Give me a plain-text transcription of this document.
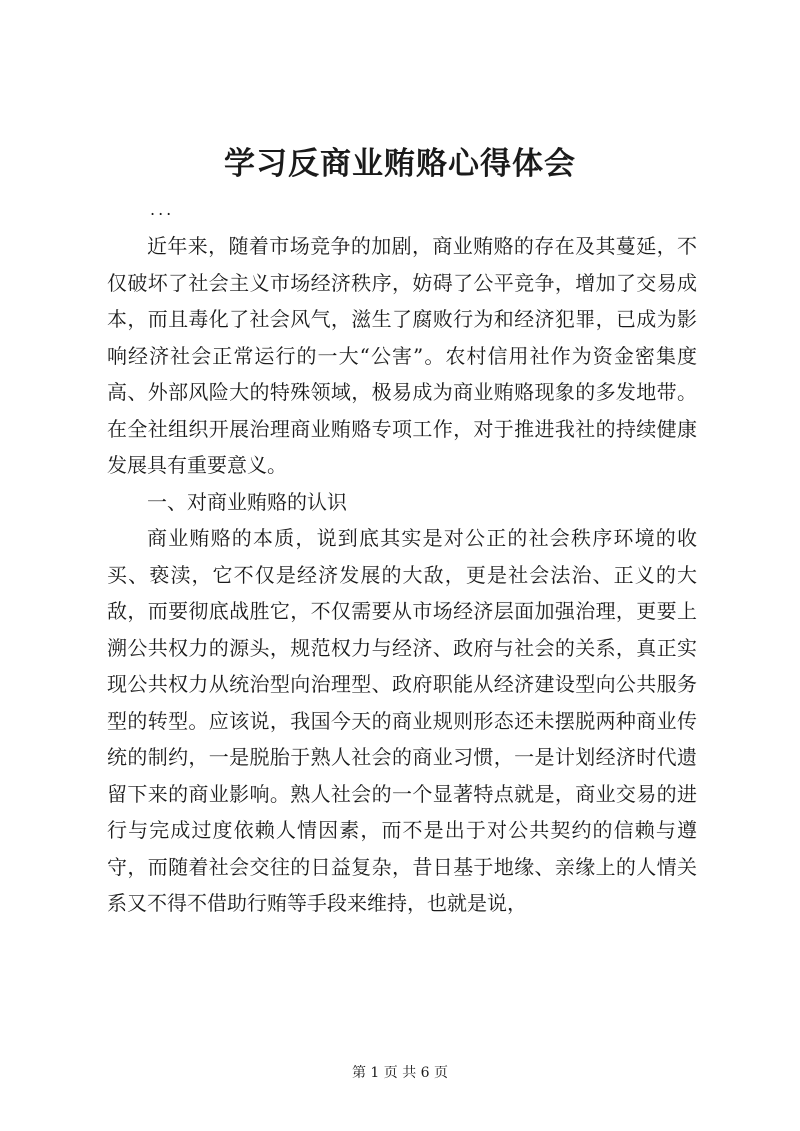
学习反商业贿赂心得体会
...

近年来，随着市场竞争的加剧，商业贿赂的存在及其蔓延，不仅破坏了社会主义市场经济秩序，妨碍了公平竞争，增加了交易成本，而且毒化了社会风气，滋生了腐败行为和经济犯罪，已成为影响经济社会正常运行的一大“公害”。农村信用社作为资金密集度高、外部风险大的特殊领域，极易成为商业贿赂现象的多发地带。在全社组织开展治理商业贿赂专项工作，对于推进我社的持续健康发展具有重要意义。

一、对商业贿赂的认识

商业贿赂的本质，说到底其实是对公正的社会秩序环境的收买、亵渎，它不仅是经济发展的大敌，更是社会法治、正义的大敌，而要彻底战胜它，不仅需要从市场经济层面加强治理，更要上溯公共权力的源头，规范权力与经济、政府与社会的关系，真正实现公共权力从统治型向治理型、政府职能从经济建设型向公共服务型的转型。应该说，我国今天的商业规则形态还未摆脱两种商业传统的制约，一是脱胎于熟人社会的商业习惯，一是计划经济时代遗留下来的商业影响。熟人社会的一个显著特点就是，商业交易的进行与完成过度依赖人情因素，而不是出于对公共契约的信赖与遵守，而随着社会交往的日益复杂，昔日基于地缘、亲缘上的人情关系又不得不借助行贿等手段来维持，也就是说，

第 1 页 共 6 页
